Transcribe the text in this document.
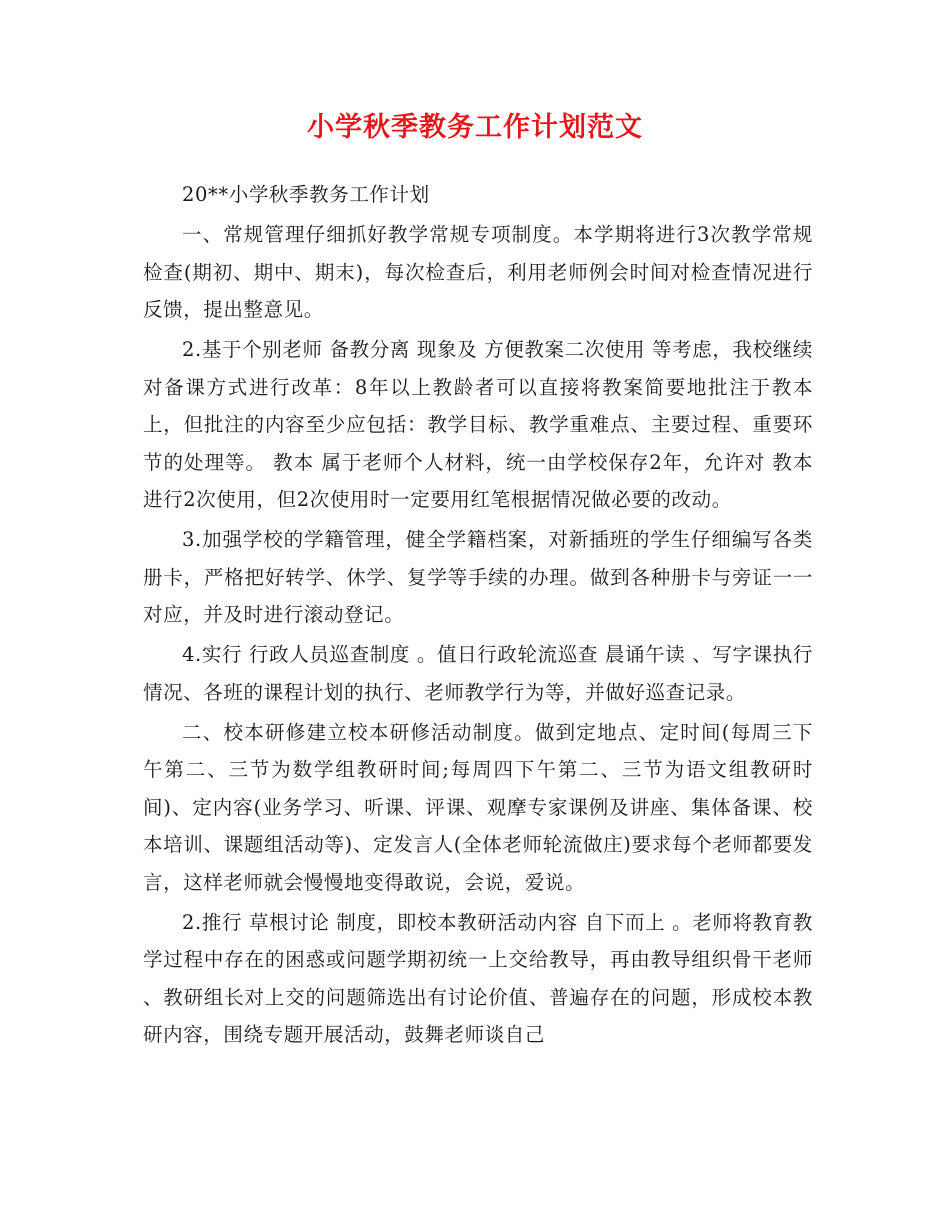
小学秋季教务工作计划范文

20**小学秋季教务工作计划

一、常规管理仔细抓好教学常规专项制度。本学期将进行3次教学常规检查(期初、期中、期末)，每次检查后，利用老师例会时间对检查情况进行反馈，提出整意见。

2.基于个别老师 备教分离 现象及 方便教案二次使用 等考虑，我校继续对备课方式进行改革：8年以上教龄者可以直接将教案简要地批注于教本上，但批注的内容至少应包括：教学目标、教学重难点、主要过程、重要环节的处理等。 教本 属于老师个人材料，统一由学校保存2年，允许对 教本 进行2次使用，但2次使用时一定要用红笔根据情况做必要的改动。

3.加强学校的学籍管理，健全学籍档案，对新插班的学生仔细编写各类册卡，严格把好转学、休学、复学等手续的办理。做到各种册卡与旁证一一对应，并及时进行滚动登记。

4.实行 行政人员巡查制度 。值日行政轮流巡查 晨诵午读 、写字课执行情况、各班的课程计划的执行、老师教学行为等，并做好巡查记录。

二、校本研修建立校本研修活动制度。做到定地点、定时间(每周三下午第二、三节为数学组教研时间;每周四下午第二、三节为语文组教研时间)、定内容(业务学习、听课、评课、观摩专家课例及讲座、集体备课、校本培训、课题组活动等)、定发言人(全体老师轮流做庄)要求每个老师都要发言，这样老师就会慢慢地变得敢说，会说，爱说。

2.推行 草根讨论 制度，即校本教研活动内容 自下而上 。老师将教育教学过程中存在的困惑或问题学期初统一上交给教导，再由教导组织骨干老师 、教研组长对上交的问题筛选出有讨论价值、普遍存在的问题，形成校本教研内容，围绕专题开展活动，鼓舞老师谈自己
